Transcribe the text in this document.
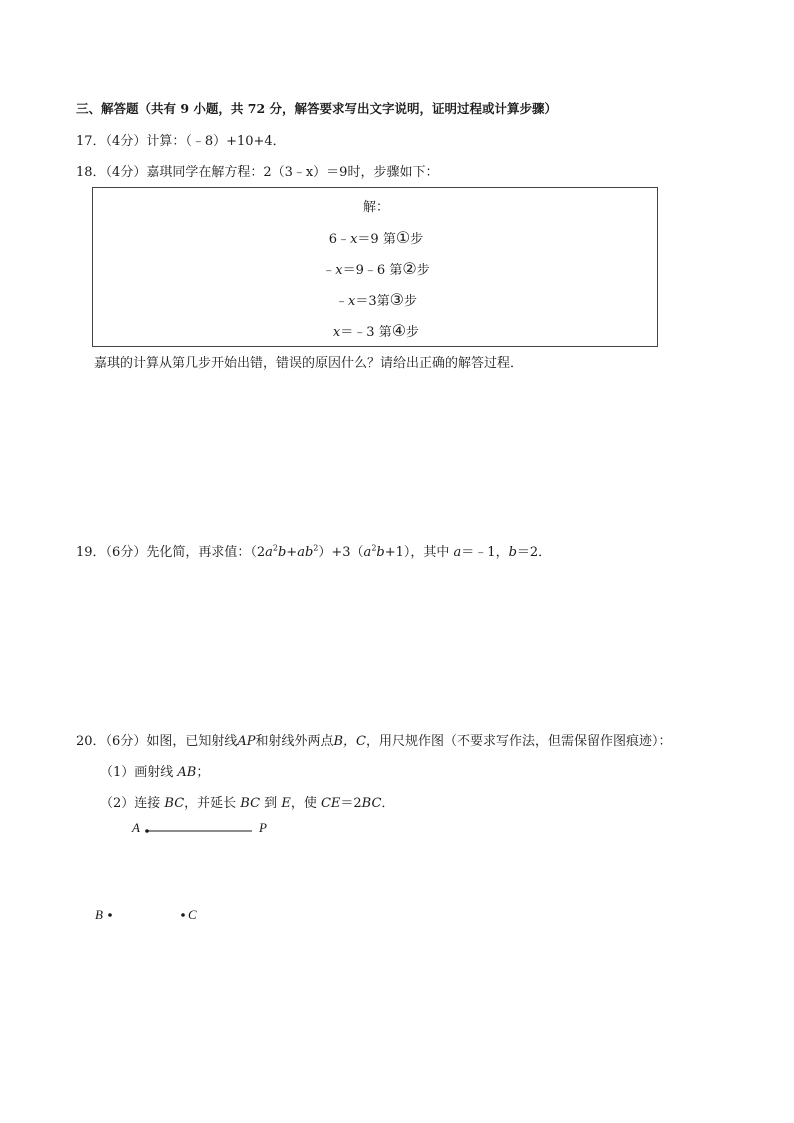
三、解答题（共有 9 小题，共 72 分，解答要求写出文字说明，证明过程或计算步骤）
17．（4分）计算：（﹣8）+10+4．
18．（4分）嘉琪同学在解方程：2（3﹣x）＝9时，步骤如下：
解：
6﹣x＝9 第①步
﹣x＝9﹣6 第②步
﹣x＝3第③步
x＝﹣3 第④步
嘉琪的计算从第几步开始出错，错误的原因什么？请给出正确的解答过程．
19．（6分）先化简，再求值：$(2a^2b+ab^2)+3(a^2b+1)$，其中 a＝﹣1，b＝2．
20．（6分）如图，已知射线AP和射线外两点B，C，用尺规作图（不要求写作法，但需保留作图痕迹）：
（1）画射线 AB；
（2）连接 BC，并延长 BC 到 E，使 CE＝2BC．
A	P
B	C
